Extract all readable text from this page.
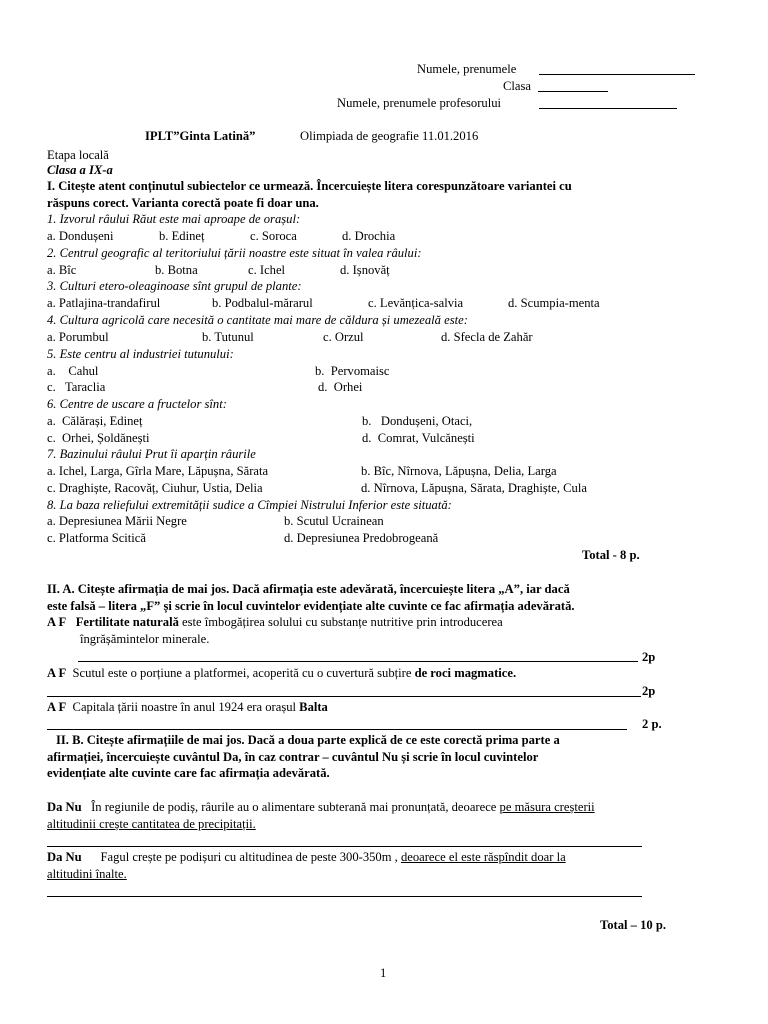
Numele, prenumele
Clasa
Numele, prenumele profesorului
IPLT”Ginta Latină”	Olimpiada de geografie 11.01.2016
Etapa locală
Clasa a IX-a
I. Citește atent conținutul subiectelor ce urmează. Încercuiește litera corespunzătoare variantei cu
răspuns corect. Varianta corectă poate fi doar una.
1. Izvorul râului Răut este mai aproape de orașul:
a. Dondușeni	b. Edineț	c. Soroca	d. Drochia
2. Centrul geografic al teritoriului țării noastre este situat în valea râului:
a. Bîc	b. Botna	c. Ichel	d. Ișnovăț
3. Culturi etero-oleaginoase sînt grupul de plante:
a. Patlajina-trandafirul	b. Podbalul-mărarul	c. Levănțica-salvia	d. Scumpia-menta
4. Cultura agricolă care necesită o cantitate mai mare de căldura și umezeală este:
a. Porumbul	b. Tutunul	c. Orzul	d. Sfecla de Zahăr
5. Este centru al industriei tutunului:
a.    Cahul	b.  Pervomaisc
c.   Taraclia	d.  Orhei
6. Centre de uscare a fructelor sînt:
a.  Călărași, Edineț	b.   Dondușeni, Otaci,
c.  Orhei, Șoldănești	d.  Comrat, Vulcănești
7. Bazinului râului Prut îi aparțin râurile
a. Ichel, Larga, Gîrla Mare, Lăpușna, Sărata	b. Bîc, Nîrnova, Lăpușna, Delia, Larga
c. Draghiște, Racovăț, Ciuhur, Ustia, Delia	d. Nîrnova, Lăpușna, Sărata, Draghiște, Cula
8. La baza reliefului extremității sudice a Cîmpiei Nistrului Inferior este situată:
a. Depresiunea Mării Negre	b. Scutul Ucrainean
c. Platforma Scitică	d. Depresiunea Predobrogeană
Total - 8 p.
II. A. Citește afirmația de mai jos. Dacă afirmația este adevărată, încercuiește litera „A”, iar dacă
este falsă – litera „F” și scrie în locul cuvintelor evidențiate alte cuvinte ce fac afirmația adevărată.
A F Fertilitate naturală este îmbogățirea solului cu substanțe nutritive prin introducerea
îngrășămintelor minerale.
2p
A F Scutul este o porțiune a platformei, acoperită cu o cuvertură subțire de roci magmatice.
2p
A F Capitala țării noastre în anul 1924 era orașul Balta
2 p.
II. B. Citește afirmațiile de mai jos. Dacă a doua parte explică de ce este corectă prima parte a
afirmației, încercuiește cuvântul Da, în caz contrar – cuvântul Nu și scrie în locul cuvintelor
evidențiate alte cuvinte care fac afirmația adevărată.
Da Nu În regiunile de podiș, râurile au o alimentare subterană mai pronunțată, deoarece pe măsura creșterii
altitudinii crește cantitatea de precipitații.
Da Nu Fagul crește pe podișuri cu altitudinea de peste 300-350m , deoarece el este răspîndit doar la
altitudini înalte.
Total – 10 p.
1
